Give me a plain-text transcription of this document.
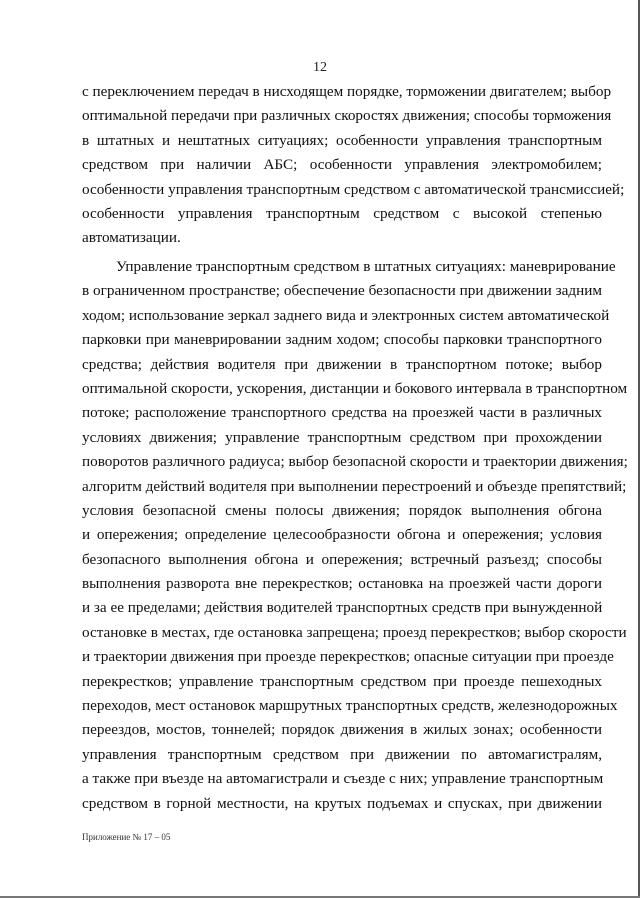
12
с переключением передач в нисходящем порядке, торможении двигателем; выбор
оптимальной передачи при различных скоростях движения; способы торможения
в штатных и нештатных ситуациях; особенности управления транспортным
средством при наличии АБС; особенности управления электромобилем;
особенности управления транспортным средством с автоматической трансмиссией;
особенности управления транспортным средством с высокой степенью
автоматизации.
Управление транспортным средством в штатных ситуациях: маневрирование
в ограниченном пространстве; обеспечение безопасности при движении задним
ходом; использование зеркал заднего вида и электронных систем автоматической
парковки при маневрировании задним ходом; способы парковки транспортного
средства; действия водителя при движении в транспортном потоке; выбор
оптимальной скорости, ускорения, дистанции и бокового интервала в транспортном
потоке; расположение транспортного средства на проезжей части в различных
условиях движения; управление транспортным средством при прохождении
поворотов различного радиуса; выбор безопасной скорости и траектории движения;
алгоритм действий водителя при выполнении перестроений и объезде препятствий;
условия безопасной смены полосы движения; порядок выполнения обгона
и опережения; определение целесообразности обгона и опережения; условия
безопасного выполнения обгона и опережения; встречный разъезд; способы
выполнения разворота вне перекрестков; остановка на проезжей части дороги
и за ее пределами; действия водителей транспортных средств при вынужденной
остановке в местах, где остановка запрещена; проезд перекрестков; выбор скорости
и траектории движения при проезде перекрестков; опасные ситуации при проезде
перекрестков; управление транспортным средством при проезде пешеходных
переходов, мест остановок маршрутных транспортных средств, железнодорожных
переездов, мостов, тоннелей; порядок движения в жилых зонах; особенности
управления транспортным средством при движении по автомагистралям,
а также при въезде на автомагистрали и съезде с них; управление транспортным
средством в горной местности, на крутых подъемах и спусках, при движении
Приложение № 17 – 05
